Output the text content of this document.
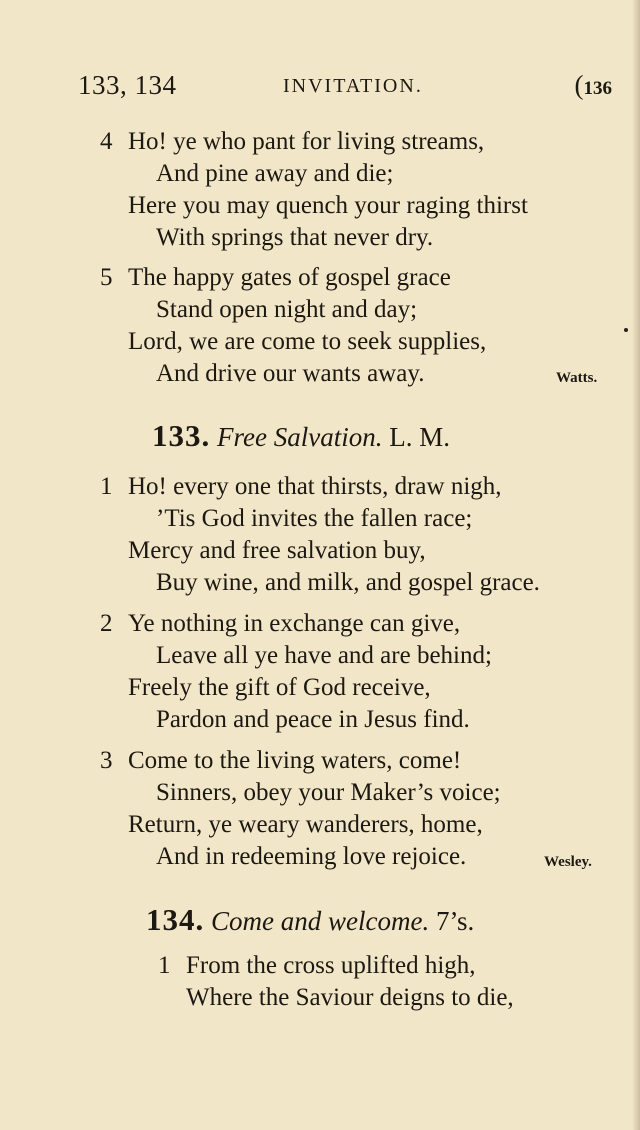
133, 134	INVITATION.	(136
4 Ho! ye who pant for living streams,
And pine away and die;
Here you may quench your raging thirst
With springs that never dry.
5 The happy gates of gospel grace
Stand open night and day;
Lord, we are come to seek supplies,
And drive our wants away.	Watts.
133. Free Salvation. L. M.
1 Ho! every one that thirsts, draw nigh,
’Tis God invites the fallen race;
Mercy and free salvation buy,
Buy wine, and milk, and gospel grace.
2 Ye nothing in exchange can give,
Leave all ye have and are behind;
Freely the gift of God receive,
Pardon and peace in Jesus find.
3 Come to the living waters, come!
Sinners, obey your Maker’s voice;
Return, ye weary wanderers, home,
And in redeeming love rejoice.	Wesley.
134. Come and welcome. 7’s.
1 From the cross uplifted high,
Where the Saviour deigns to die,
